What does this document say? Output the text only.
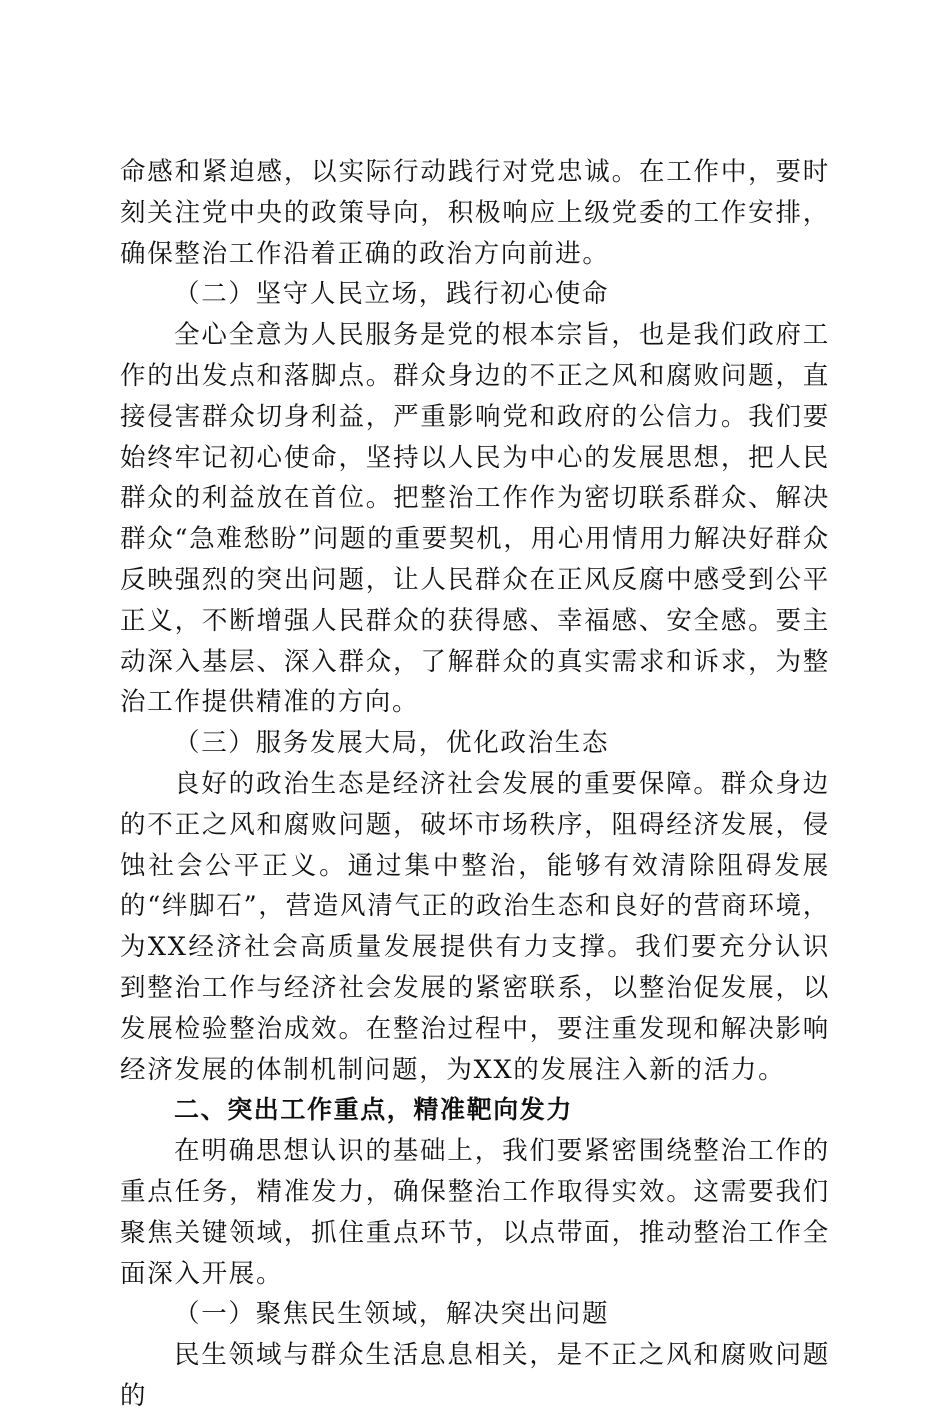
命感和紧迫感，以实际行动践行对党忠诚。在工作中，要时刻关注党中央的政策导向，积极响应上级党委的工作安排，确保整治工作沿着正确的政治方向前进。

（二）坚守人民立场，践行初心使命

全心全意为人民服务是党的根本宗旨，也是我们政府工作的出发点和落脚点。群众身边的不正之风和腐败问题，直接侵害群众切身利益，严重影响党和政府的公信力。我们要始终牢记初心使命，坚持以人民为中心的发展思想，把人民群众的利益放在首位。把整治工作作为密切联系群众、解决群众“急难愁盼”问题的重要契机，用心用情用力解决好群众反映强烈的突出问题，让人民群众在正风反腐中感受到公平正义，不断增强人民群众的获得感、幸福感、安全感。要主动深入基层、深入群众，了解群众的真实需求和诉求，为整治工作提供精准的方向。

（三）服务发展大局，优化政治生态

良好的政治生态是经济社会发展的重要保障。群众身边的不正之风和腐败问题，破坏市场秩序，阻碍经济发展，侵蚀社会公平正义。通过集中整治，能够有效清除阻碍发展的“绊脚石”，营造风清气正的政治生态和良好的营商环境，为XX经济社会高质量发展提供有力支撑。我们要充分认识到整治工作与经济社会发展的紧密联系，以整治促发展，以发展检验整治成效。在整治过程中，要注重发现和解决影响经济发展的体制机制问题，为XX的发展注入新的活力。

二、突出工作重点，精准靶向发力

在明确思想认识的基础上，我们要紧密围绕整治工作的重点任务，精准发力，确保整治工作取得实效。这需要我们聚焦关键领域，抓住重点环节，以点带面，推动整治工作全面深入开展。

（一）聚焦民生领域，解决突出问题

民生领域与群众生活息息相关，是不正之风和腐败问题的
